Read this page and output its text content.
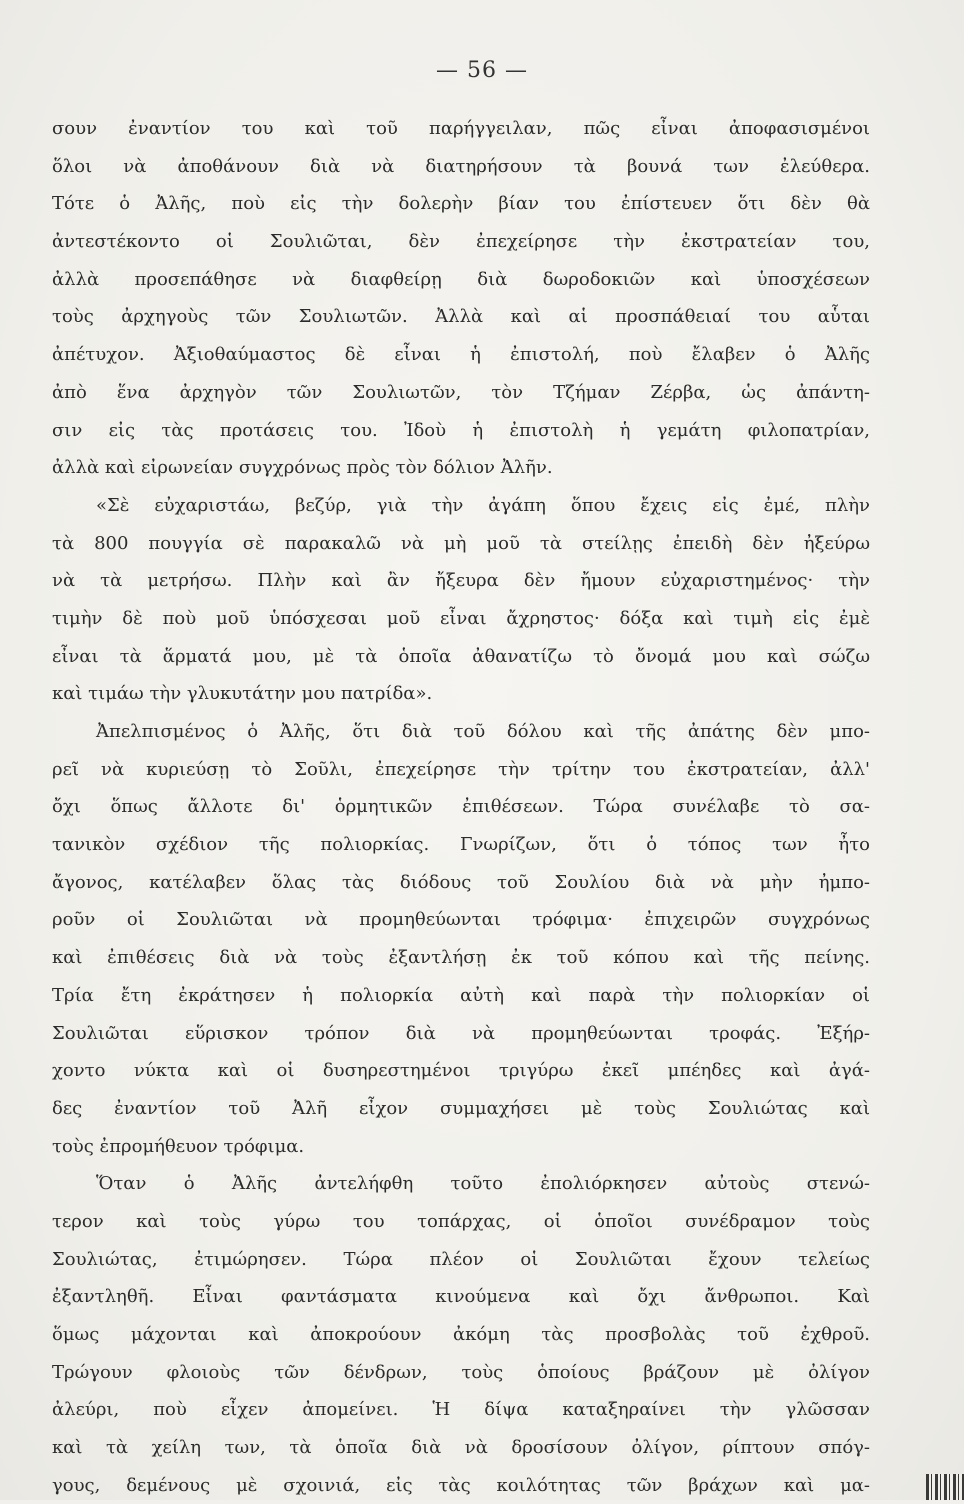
— 56 —
σουν ἐναντίον του καὶ τοῦ παρήγγειλαν, πῶς εἶναι ἀποφασισμένοι
ὅλοι νὰ ἀποθάνουν διὰ νὰ διατηρήσουν τὰ βουνά των ἐλεύθερα.
Τότε ὁ Ἀλῆς, ποὺ εἰς τὴν δολερὴν βίαν του ἐπίστευεν ὅτι δὲν θὰ
ἀντεστέκοντο οἱ Σουλιῶται, δὲν ἐπεχείρησε τὴν ἐκστρατείαν του,
ἀλλὰ προσεπάθησε νὰ διαφθείρῃ διὰ δωροδοκιῶν καὶ ὑποσχέσεων
τοὺς ἀρχηγοὺς τῶν Σουλιωτῶν. Ἀλλὰ καὶ αἱ προσπάθειαί του αὗται
ἀπέτυχον. Ἀξιοθαύμαστος δὲ εἶναι ἡ ἐπιστολή, ποὺ ἔλαβεν ὁ Ἀλῆς
ἀπὸ ἕνα ἀρχηγὸν τῶν Σουλιωτῶν, τὸν Τζήμαν Ζέρβα, ὡς ἀπάντη-
σιν εἰς τὰς προτάσεις του. Ἰδοὺ ἡ ἐπιστολὴ ἡ γεμάτη φιλοπατρίαν,
ἀλλὰ καὶ εἰρωνείαν συγχρόνως πρὸς τὸν δόλιον Ἀλῆν.
«Σὲ εὐχαριστάω, βεζύρ, γιὰ τὴν ἀγάπη ὅπου ἔχεις εἰς ἐμέ, πλὴν
τὰ 800 πουγγία σὲ παρακαλῶ νὰ μὴ μοῦ τὰ στείλῃς ἐπειδὴ δὲν ἠξεύρω
νὰ τὰ μετρήσω. Πλὴν καὶ ἂν ἤξευρα δὲν ἤμουν εὐχαριστημένος· τὴν
τιμὴν δὲ ποὺ μοῦ ὑπόσχεσαι μοῦ εἶναι ἄχρηστος· δόξα καὶ τιμὴ εἰς ἐμὲ
εἶναι τὰ ἅρματά μου, μὲ τὰ ὁποῖα ἀθανατίζω τὸ ὄνομά μου καὶ σώζω
καὶ τιμάω τὴν γλυκυτάτην μου πατρίδα».
Ἀπελπισμένος ὁ Ἀλῆς, ὅτι διὰ τοῦ δόλου καὶ τῆς ἀπάτης δὲν μπο-
ρεῖ νὰ κυριεύσῃ τὸ Σοῦλι, ἐπεχείρησε τὴν τρίτην του ἐκστρατείαν, ἀλλ'
ὄχι ὅπως ἄλλοτε δι' ὁρμητικῶν ἐπιθέσεων. Τώρα συνέλαβε τὸ σα-
τανικὸν σχέδιον τῆς πολιορκίας. Γνωρίζων, ὅτι ὁ τόπος των ἦτο
ἄγονος, κατέλαβεν ὅλας τὰς διόδους τοῦ Σουλίου διὰ νὰ μὴν ἠμπο-
ροῦν οἱ Σουλιῶται νὰ προμηθεύωνται τρόφιμα· ἐπιχειρῶν συγχρόνως
καὶ ἐπιθέσεις διὰ νὰ τοὺς ἐξαντλήσῃ ἐκ τοῦ κόπου καὶ τῆς πείνης.
Τρία ἔτη ἐκράτησεν ἡ πολιορκία αὐτὴ καὶ παρὰ τὴν πολιορκίαν οἱ
Σουλιῶται εὕρισκον τρόπον διὰ νὰ προμηθεύωνται τροφάς. Ἐξήρ-
χοντο νύκτα καὶ οἱ δυσηρεστημένοι τριγύρω ἐκεῖ μπέηδες καὶ ἀγά-
δες ἐναντίον τοῦ Ἀλῆ εἶχον συμμαχήσει μὲ τοὺς Σουλιώτας καὶ
τοὺς ἐπρομήθευον τρόφιμα.
Ὅταν ὁ Ἀλῆς ἀντελήφθη τοῦτο ἐπολιόρκησεν αὐτοὺς στενώ-
τερον καὶ τοὺς γύρω του τοπάρχας, οἱ ὁποῖοι συνέδραμον τοὺς
Σουλιώτας, ἐτιμώρησεν. Τώρα πλέον οἱ Σουλιῶται ἔχουν τελείως
ἐξαντληθῆ. Εἶναι φαντάσματα κινούμενα καὶ ὄχι ἄνθρωποι. Καὶ
ὅμως μάχονται καὶ ἀποκρούουν ἀκόμη τὰς προσβολὰς τοῦ ἐχθροῦ.
Τρώγουν φλοιοὺς τῶν δένδρων, τοὺς ὁποίους βράζουν μὲ ὀλίγον
ἀλεύρι, ποὺ εἶχεν ἀπομείνει. Ἡ δίψα καταξηραίνει τὴν γλῶσσαν
καὶ τὰ χείλη των, τὰ ὁποῖα διὰ νὰ δροσίσουν ὀλίγον, ρίπτουν σπόγ-
γους, δεμένους μὲ σχοινιά, εἰς τὰς κοιλότητας τῶν βράχων καὶ μα-
